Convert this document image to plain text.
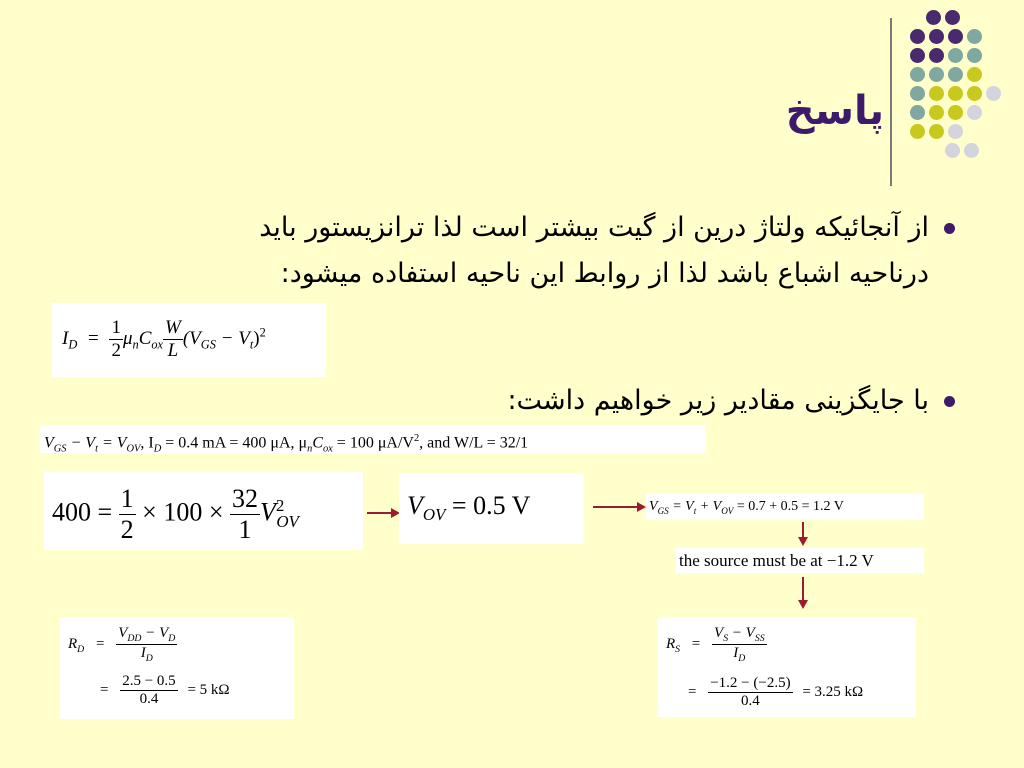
پاسخ
از آنجائیکه ولتاژ درین از گیت بیشتر است لذا ترانزیستور باید
درناحیه اشباع باشد لذا از روابط این ناحیه استفاده میشود:
$I_D = \frac{1}{2} \mu_nC_{ox} \frac{W}{L} (V_{GS} - V_t)^2$
با جایگزینی مقادیر زیر خواهیم داشت:
$V_{GS} - V_t = V_{OV}$, $I_D = 0.4$ mA = 400 μA, $\mu_nC_{ox} = 100$ $\mu A/V^2$, and W/L = 32/1
$400 = \frac{1}{2} \times 100 \times \frac{32}{1} V^2_{OV}$
$V_{OV} = 0.5$ V	$V_{GS} = V_t + V_{OV} = 0.7 + 0.5 = 1.2$ V
the source must be at −1.2 V
$R_D = \frac{V_{DD} - V_D}{I_D}$
= $\frac{2.5 - 0.5}{0.4} = 5$ kΩ
$R_S = \frac{V_S - V_{SS}}{I_D}$
= $\frac{-1.2 - (-2.5)}{0.4} = 3.25$ kΩ
